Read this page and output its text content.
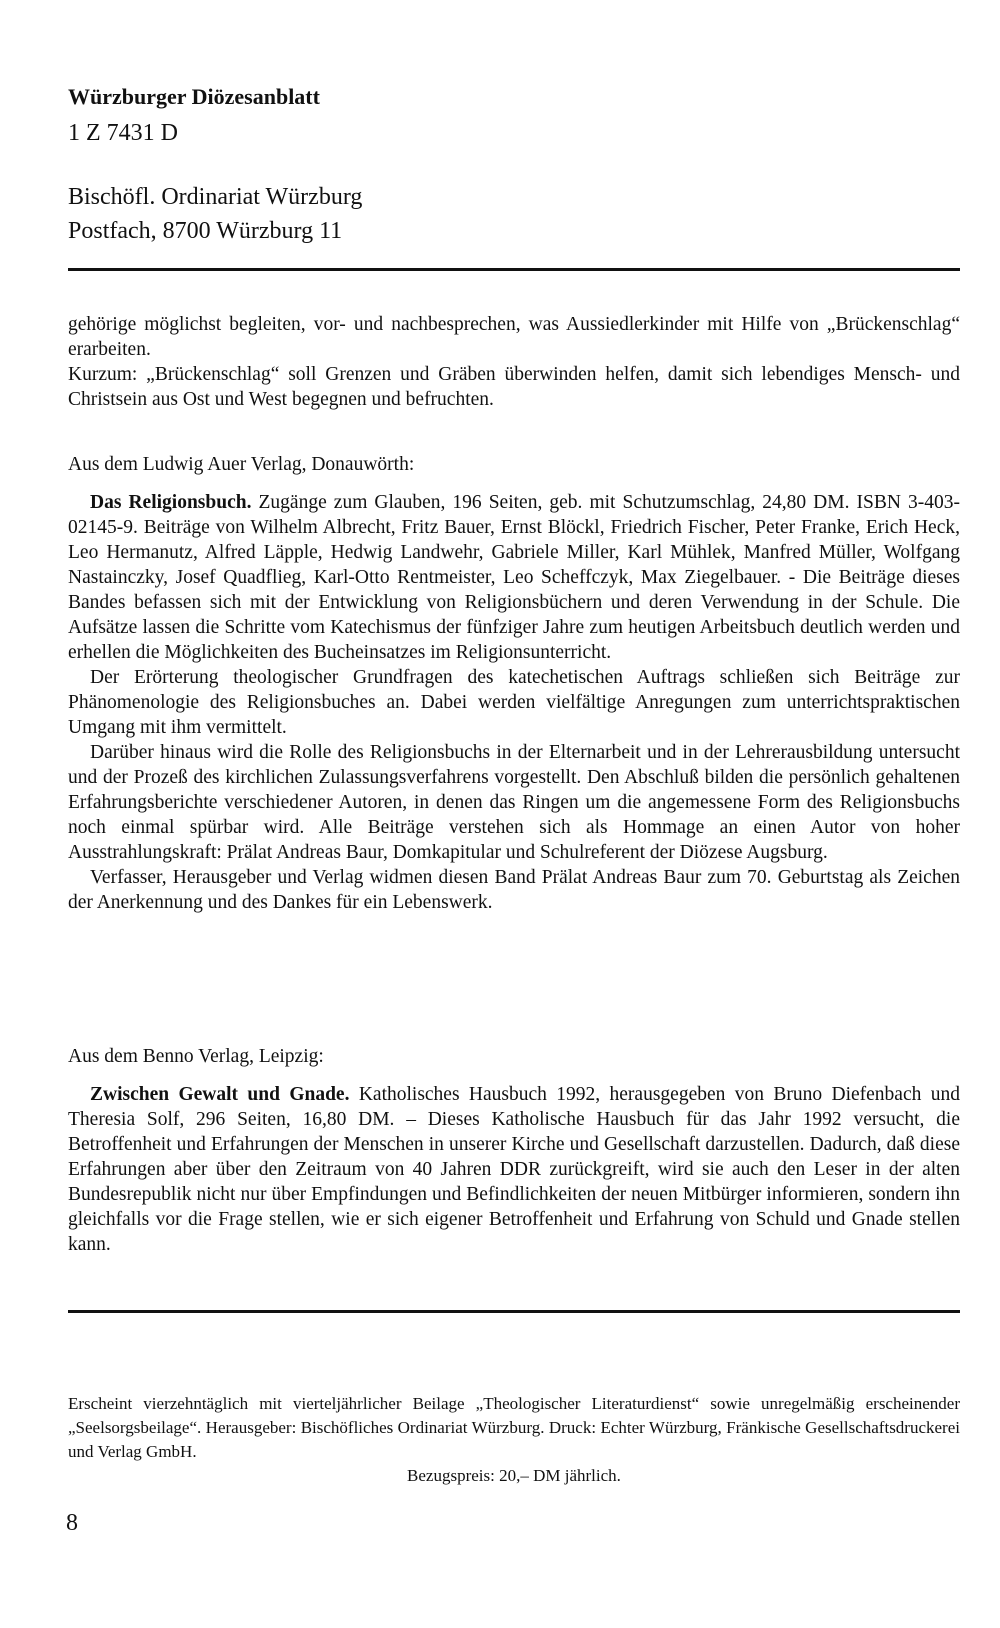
Würzburger Diözesanblatt
1 Z 7431 D
Bischöfl. Ordinariat Würzburg
Postfach, 8700 Würzburg 11

gehörige möglichst begleiten, vor- und nachbesprechen, was Aussiedlerkinder mit Hilfe von „Brückenschlag“ erarbeiten.

Kurzum: „Brückenschlag“ soll Grenzen und Gräben überwinden helfen, damit sich lebendiges Mensch- und Christsein aus Ost und West begegnen und befruchten.

Aus dem Ludwig Auer Verlag, Donauwörth:

Das Religionsbuch. Zugänge zum Glauben, 196 Seiten, geb. mit Schutzumschlag, 24,80 DM. ISBN 3-403-02145-9. Beiträge von Wilhelm Albrecht, Fritz Bauer, Ernst Blöckl, Friedrich Fischer, Peter Franke, Erich Heck, Leo Hermanutz, Alfred Läpple, Hedwig Landwehr, Gabriele Miller, Karl Mühlek, Manfred Müller, Wolfgang Nastainczky, Josef Quadflieg, Karl-Otto Rentmeister, Leo Scheffczyk, Max Ziegelbauer. - Die Beiträge dieses Bandes befassen sich mit der Entwicklung von Religionsbüchern und deren Verwendung in der Schule. Die Aufsätze lassen die Schritte vom Katechismus der fünfziger Jahre zum heutigen Arbeitsbuch deutlich werden und erhellen die Möglichkeiten des Bucheinsatzes im Religionsunterricht.

Der Erörterung theologischer Grundfragen des katechetischen Auftrags schließen sich Beiträge zur Phänomenologie des Religionsbuches an. Dabei werden vielfältige Anregungen zum unterrichtspraktischen Umgang mit ihm vermittelt.

Darüber hinaus wird die Rolle des Religionsbuchs in der Elternarbeit und in der Lehrerausbildung untersucht und der Prozeß des kirchlichen Zulassungsverfahrens vorgestellt. Den Abschluß bilden die persönlich gehaltenen Erfahrungsberichte verschiedener Autoren, in denen das Ringen um die angemessene Form des Religionsbuchs noch einmal spürbar wird. Alle Beiträge verstehen sich als Hommage an einen Autor von hoher Ausstrahlungskraft: Prälat Andreas Baur, Domkapitular und Schulreferent der Diözese Augsburg.

Verfasser, Herausgeber und Verlag widmen diesen Band Prälat Andreas Baur zum 70. Geburtstag als Zeichen der Anerkennung und des Dankes für ein Lebenswerk.

Aus dem Benno Verlag, Leipzig:

Zwischen Gewalt und Gnade. Katholisches Hausbuch 1992, herausgegeben von Bruno Diefenbach und Theresia Solf, 296 Seiten, 16,80 DM. – Dieses Katholische Hausbuch für das Jahr 1992 versucht, die Betroffenheit und Erfahrungen der Menschen in unserer Kirche und Gesellschaft darzustellen. Dadurch, daß diese Erfahrungen aber über den Zeitraum von 40 Jahren DDR zurückgreift, wird sie auch den Leser in der alten Bundesrepublik nicht nur über Empfindungen und Befindlichkeiten der neuen Mitbürger informieren, sondern ihn gleichfalls vor die Frage stellen, wie er sich eigener Betroffenheit und Erfahrung von Schuld und Gnade stellen kann.

Erscheint vierzehntäglich mit vierteljährlicher Beilage „Theologischer Literaturdienst“ sowie unregelmäßig erscheinender „Seelsorgsbeilage“. Herausgeber: Bischöfliches Ordinariat Würzburg. Druck: Echter Würzburg, Fränkische Gesellschaftsdruckerei und Verlag GmbH.
Bezugspreis: 20,– DM jährlich.
8
